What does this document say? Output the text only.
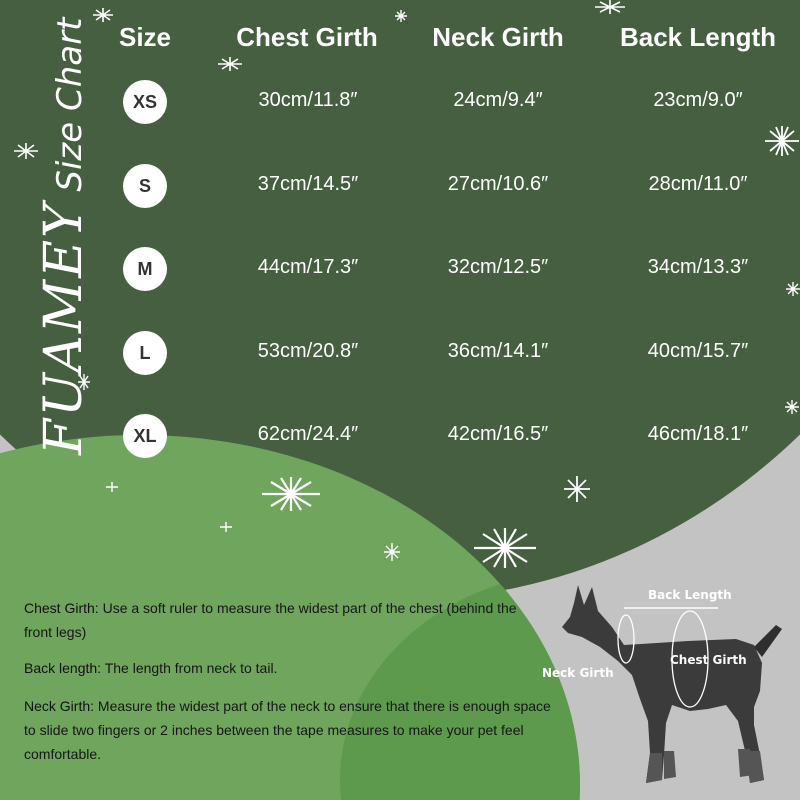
FUAMEYSize Chart	Size	Chest Girth	Neck Girth	Back Length
XS	30cm/11.8″	24cm/9.4″	23cm/9.0″
S	37cm/14.5″	27cm/10.6″	28cm/11.0″
M	44cm/17.3″	32cm/12.5″	34cm/13.3″
L	53cm/20.8″	36cm/14.1″	40cm/15.7″
XL	62cm/24.4″	42cm/16.5″	46cm/18.1″
Chest Girth: Use a soft ruler to measure the widest part of the chest (behind the front legs)
Back length: The length from neck to tail.
Neck Girth: Measure the widest part of the neck to ensure that there is enough space to slide two fingers or 2 inches between the tape measures to make your pet feel comfortable.
Back Length
Neck Girth
Chest Girth
